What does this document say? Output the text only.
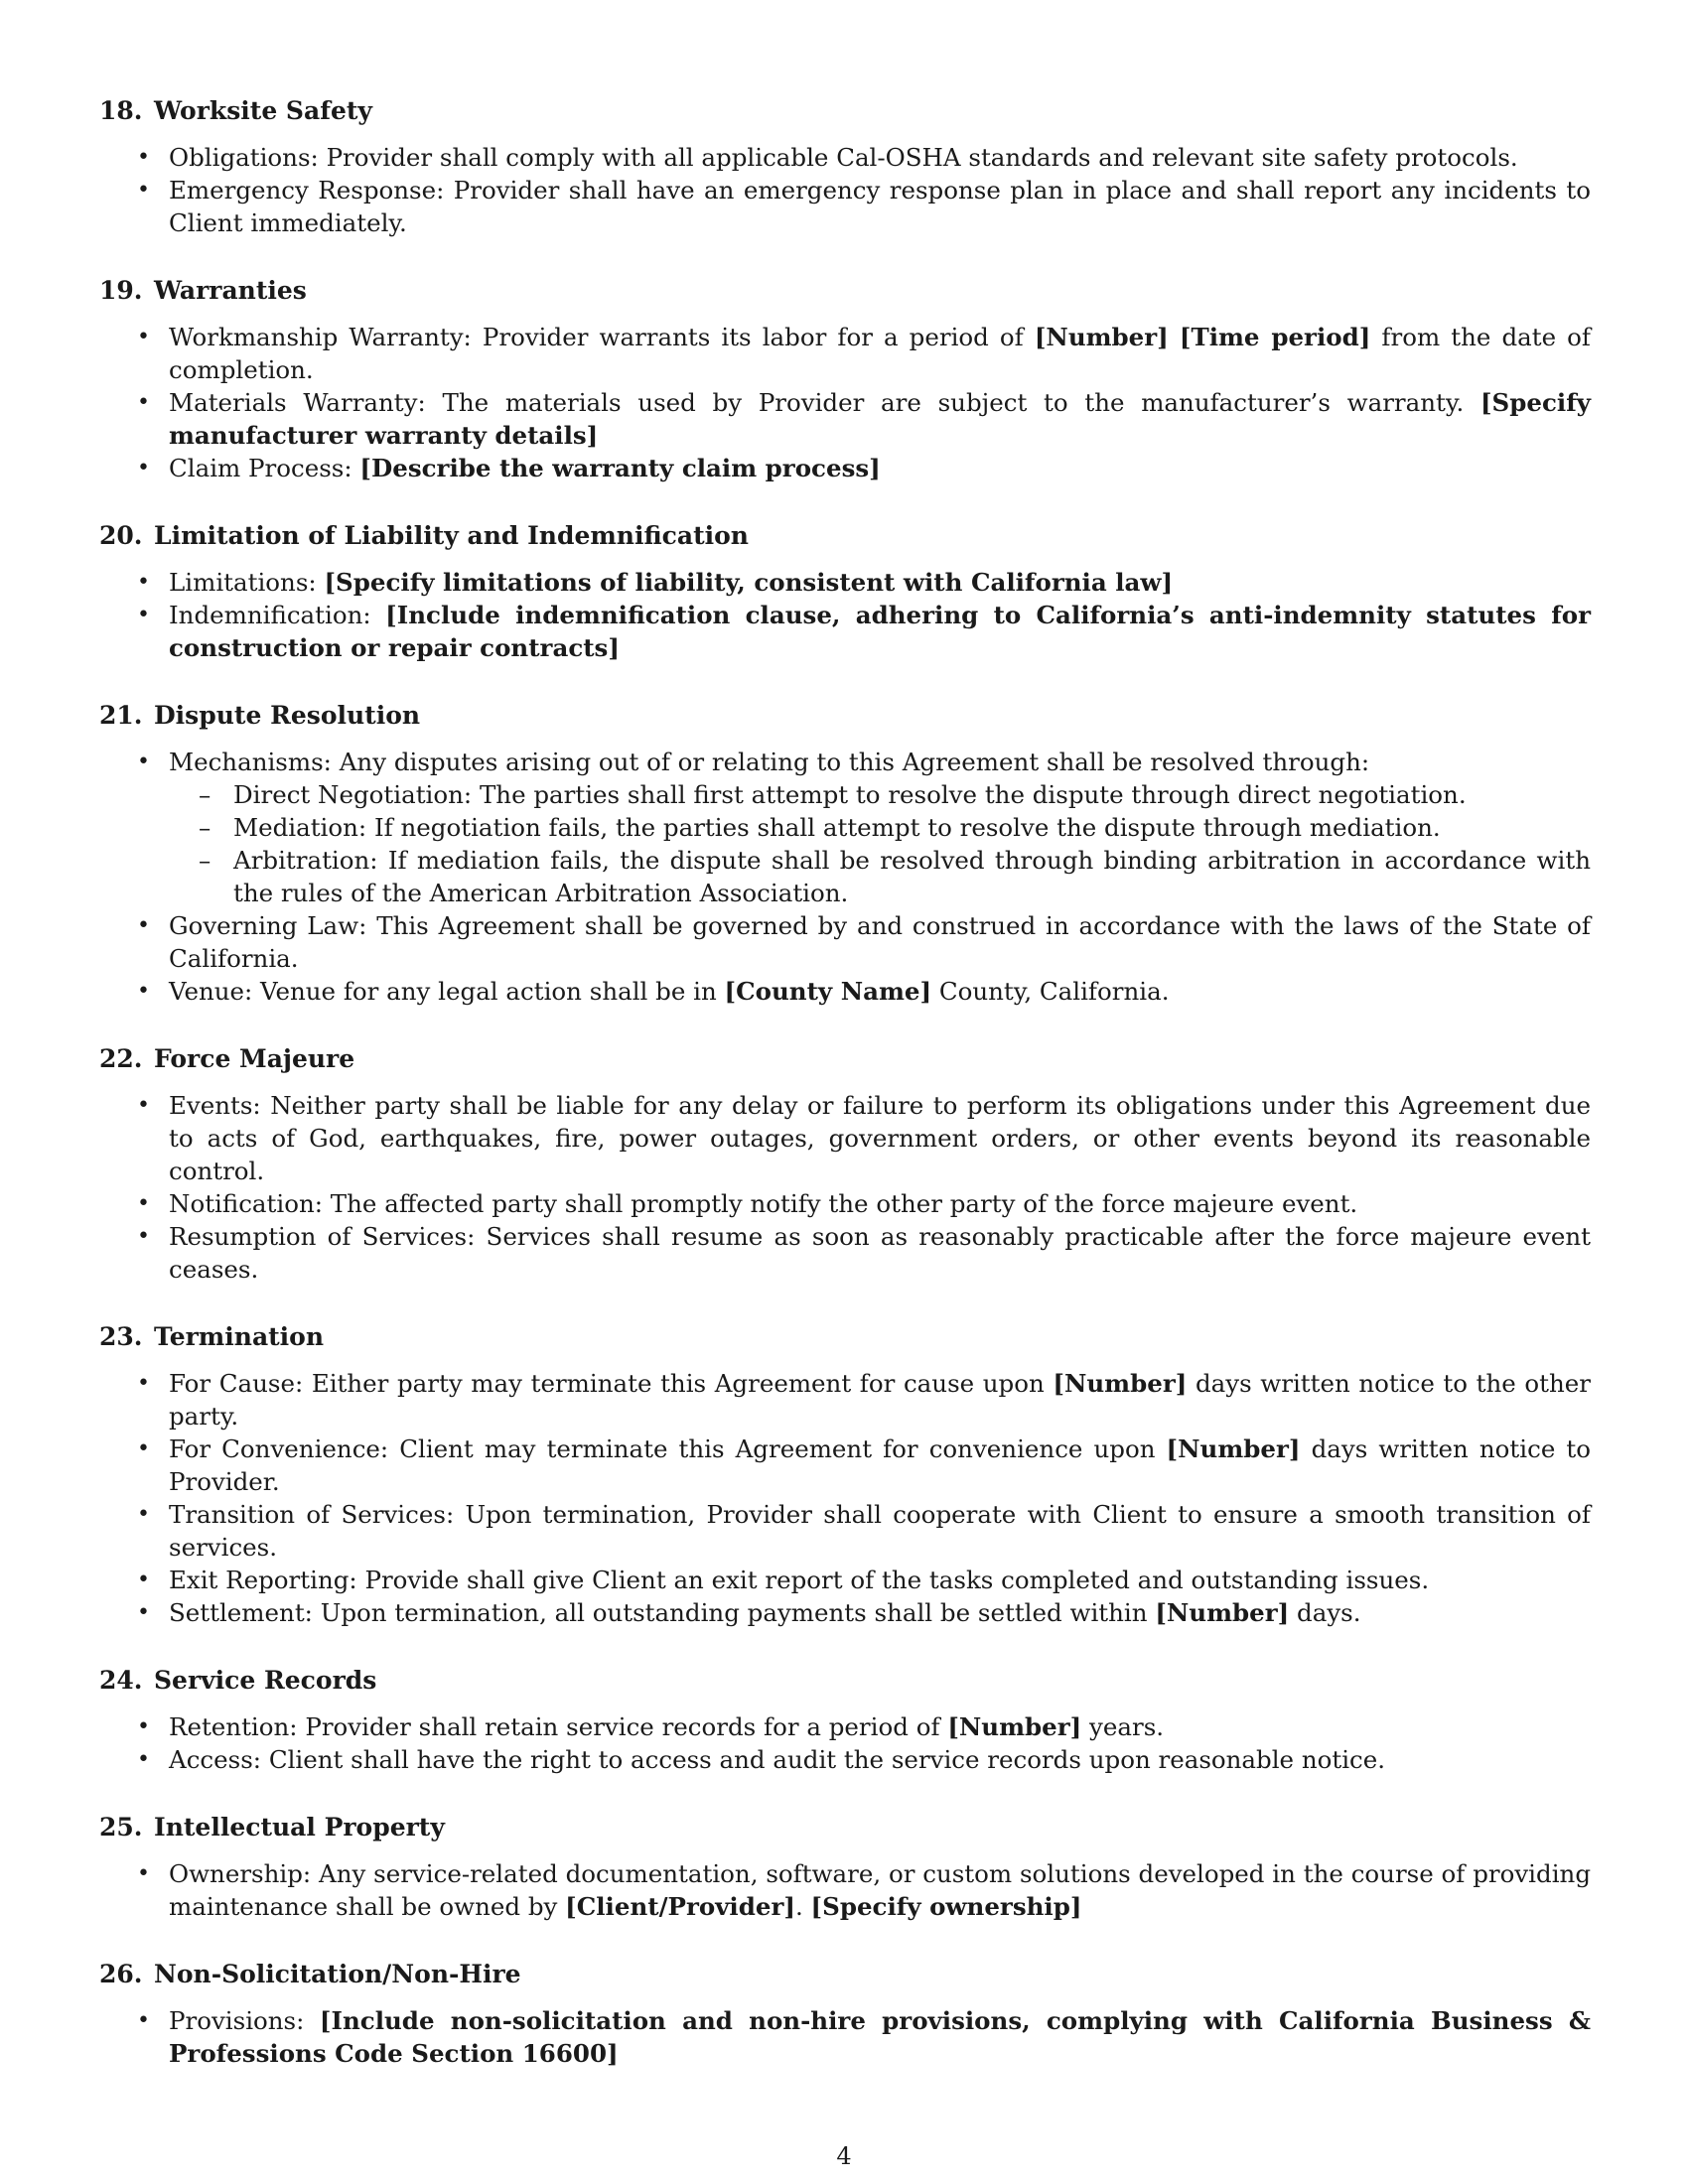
18. Worksite Safety
• Obligations: Provider shall comply with all applicable Cal-OSHA standards and relevant site safety protocols.
• Emergency Response: Provider shall have an emergency response plan in place and shall report any incidents to Client immediately.
19. Warranties
• Workmanship Warranty: Provider warrants its labor for a period of [Number] [Time period] from the date of completion.
• Materials Warranty: The materials used by Provider are subject to the manufacturer’s warranty. [Specify manufacturer warranty details]
• Claim Process: [Describe the warranty claim process]
20. Limitation of Liability and Indemnification
• Limitations: [Specify limitations of liability, consistent with California law]
• Indemnification: [Include indemnification clause, adhering to California’s anti-indemnity statutes for construction or repair contracts]
21. Dispute Resolution
• Mechanisms: Any disputes arising out of or relating to this Agreement shall be resolved through:
– Direct Negotiation: The parties shall first attempt to resolve the dispute through direct negotiation.
– Mediation: If negotiation fails, the parties shall attempt to resolve the dispute through mediation.
– Arbitration: If mediation fails, the dispute shall be resolved through binding arbitration in accordance with the rules of the American Arbitration Association.
• Governing Law: This Agreement shall be governed by and construed in accordance with the laws of the State of California.
• Venue: Venue for any legal action shall be in [County Name] County, California.
22. Force Majeure
• Events: Neither party shall be liable for any delay or failure to perform its obligations under this Agreement due to acts of God, earthquakes, fire, power outages, government orders, or other events beyond its reasonable control.
• Notification: The affected party shall promptly notify the other party of the force majeure event.
• Resumption of Services: Services shall resume as soon as reasonably practicable after the force majeure event ceases.
23. Termination
• For Cause: Either party may terminate this Agreement for cause upon [Number] days written notice to the other party.
• For Convenience: Client may terminate this Agreement for convenience upon [Number] days written notice to Provider.
• Transition of Services: Upon termination, Provider shall cooperate with Client to ensure a smooth transition of services.
• Exit Reporting: Provide shall give Client an exit report of the tasks completed and outstanding issues.
• Settlement: Upon termination, all outstanding payments shall be settled within [Number] days.
24. Service Records
• Retention: Provider shall retain service records for a period of [Number] years.
• Access: Client shall have the right to access and audit the service records upon reasonable notice.
25. Intellectual Property
• Ownership: Any service-related documentation, software, or custom solutions developed in the course of providing maintenance shall be owned by [Client/Provider]. [Specify ownership]
26. Non-Solicitation/Non-Hire
• Provisions: [Include non-solicitation and non-hire provisions, complying with California Business & Professions Code Section 16600]
4
